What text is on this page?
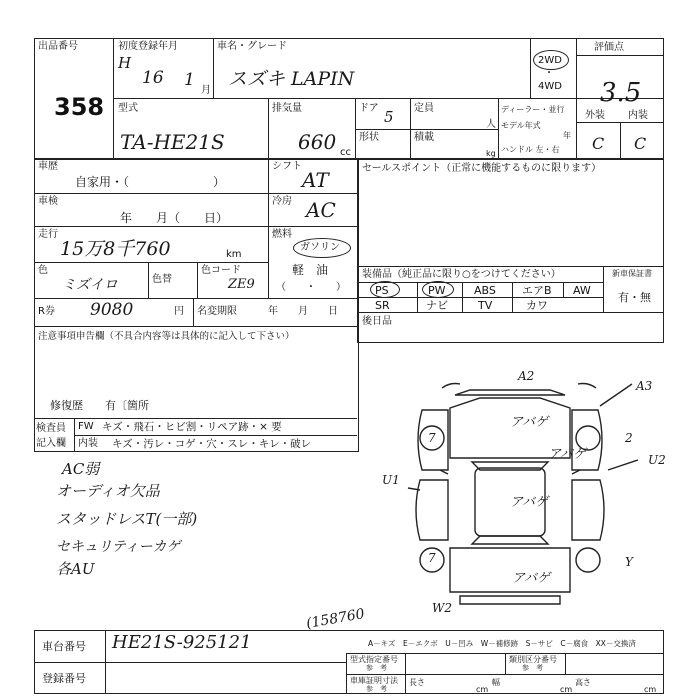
出品番号
358
初度登録年月
H
16 1
月
車名・グレード
スズキ LAPIN
2WD
・
4WD
評価点
3.5
型式
TA-HE21S
排気量
660 cc
ドア 5 定員
人
形状	積載
kg
ディーラー・並行
モデル年式
年
ハンドル 左・右
外装 内装
C C
車歴
自家用・（　　　　　　　）
車検
年　　月（　　日）
走行
15万8千760	km
色
ミズイロ	色替
色コード
ZE9
シフト
AT
冷房 AC
燃料
ガソリン
軽　油
（　　・　　）
R券 9080	円 名変期限	年　　月　　日
注意事項申告欄（不具合内容等は具体的に記入して下さい）
修復歴　　有〔箇所
検査員記入欄
FW キズ・飛石・ヒビ割・リペア跡・× 要
内装 キズ・汚レ・コゲ・穴・スレ・キレ・破レ
セールスポイント（正常に機能するものに限ります）
装備品（純正品に限り○をつけてください）
PS	PW	ABS エアB AW
SR	ナビ	TV	カワ
新車保証書
有・無
後日品
AC弱
オーディオ欠品
スタッドレスT(一部)
セキュリティーカゲ
各AU
A2
A3
アバゲ
アバゲ
アバゲ
アバゲ
U2
U1
W2
2
7
7	Y
(158760
車台番号 HE21S-925121
登録番号
A－キズ　E－エクボ　U－凹み　W－補修跡　S－サビ　C－腐食　XX－交換済
型式指定番号
参　考
類別区分番号
参　考
車庫証明寸法
参　考
長さ
cm
幅
cm
高さ
cm
